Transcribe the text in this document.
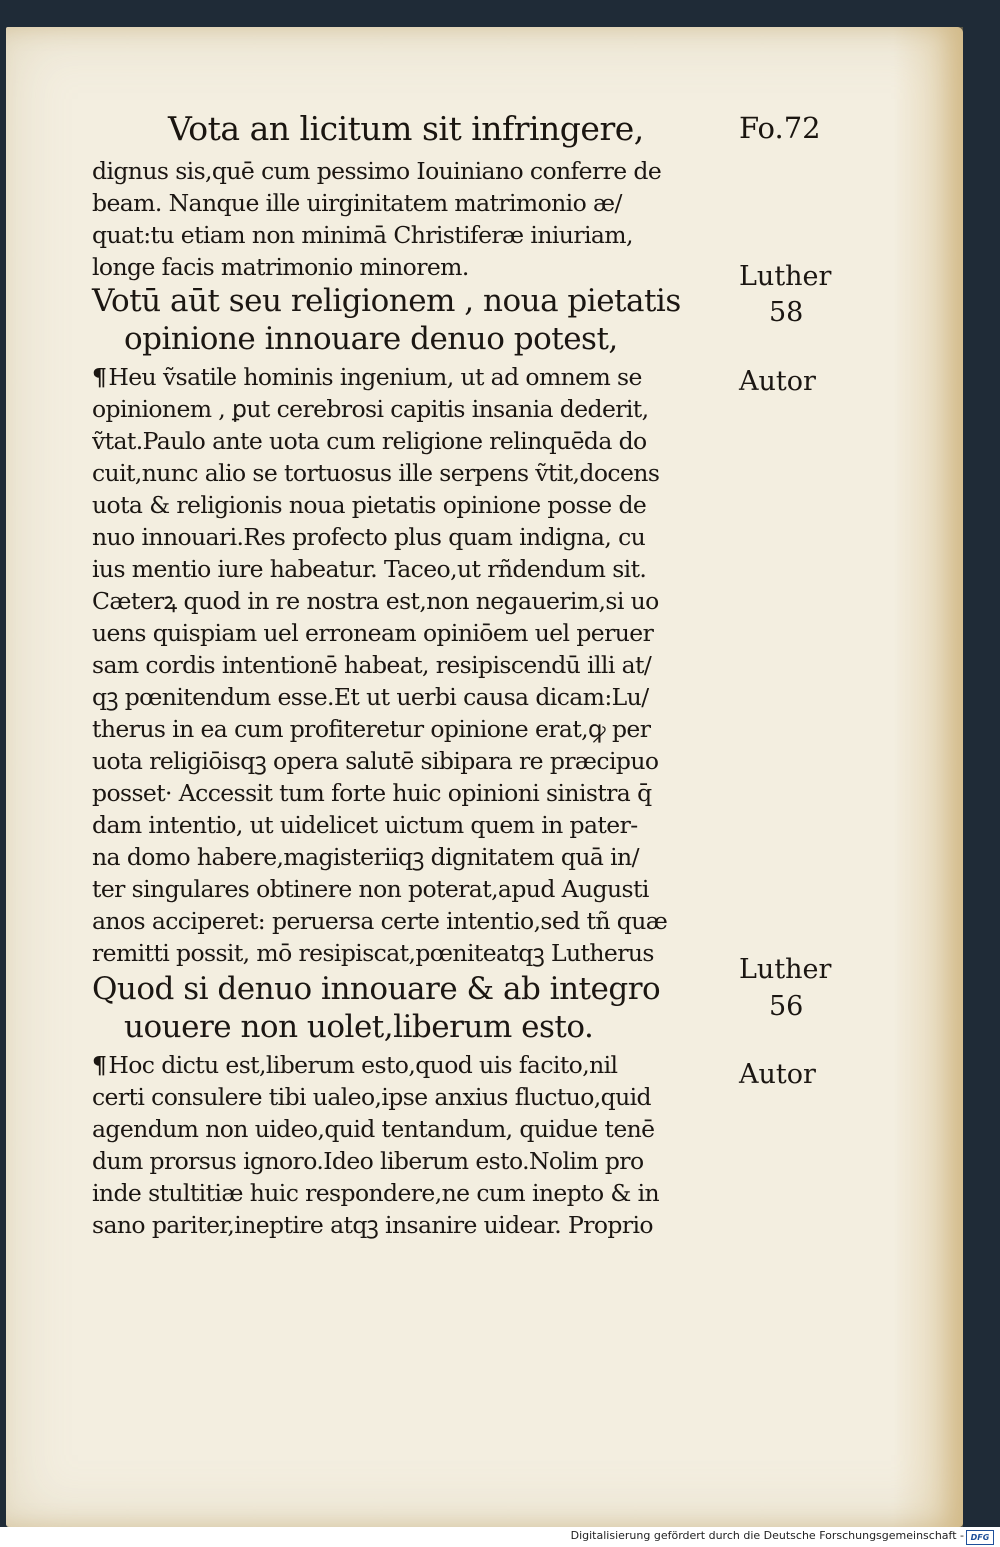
Vota an licitum sit infringere,	Fo.72
dignus sis,quē cum pessimo Iouiniano conferre de
beam. Nanque ille uirginitatem matrimonio æ/
quat:tu etiam non minimā Christiferæ iniuriam,
longe facis matrimonio minorem.
Votū aūt seu religionem , noua pietatis
opinione innouare denuo potest,
¶Heu ṽsatile hominis ingenium, ut ad omnem se
opinionem , ꝑut cerebrosi capitis insania dederit,
ṽtat.Paulo ante uota cum religione relinquēda do
cuit,nunc alio se tortuosus ille serpens ṽtit,docens
uota & religionis noua pietatis opinione posse de
nuo innouari.Res profecto plus quam indigna, cu
ius mentio iure habeatur. Taceo,ut rñdendum sit.
Cæterꝝ quod in re nostra est,non negauerim,si uo
uens quispiam uel erroneam opiniōem uel peruer
sam cordis intentionē habeat, resipiscendū illi at/
qꝫ pœnitendum esse.Et ut uerbi causa dicam:Lu/
therus in ea cum profiteretur opinione erat,ꝙ per
uota religiōisqꝫ opera salutē sibipara re præcipuo
posset· Accessit tum forte huic opinioni sinistra q̄
dam intentio, ut uidelicet uictum quem in pater-
na domo habere,magisteriiqꝫ dignitatem quā in/
ter singulares obtinere non poterat,apud Augusti
anos acciperet: peruersa certe intentio,sed tñ quæ
remitti possit, mō resipiscat,pœniteatqꝫ Lutherus
Quod si denuo innouare & ab integro
uouere non uolet,liberum esto.
¶Hoc dictu est,liberum esto,quod uis facito,nil
certi consulere tibi ualeo,ipse anxius fluctuo,quid
agendum non uideo,quid tentandum, quidue tenē
dum prorsus ignoro.Ideo liberum esto.Nolim pro
inde stultitiæ huic respondere,ne cum inepto & in
sano pariter,ineptire atqꝫ insanire uidear. Proprio
Luther
58
Autor
Luther
56
Autor
Digitalisierung gefördert durch die Deutsche Forschungsgemeinschaft - DFG
